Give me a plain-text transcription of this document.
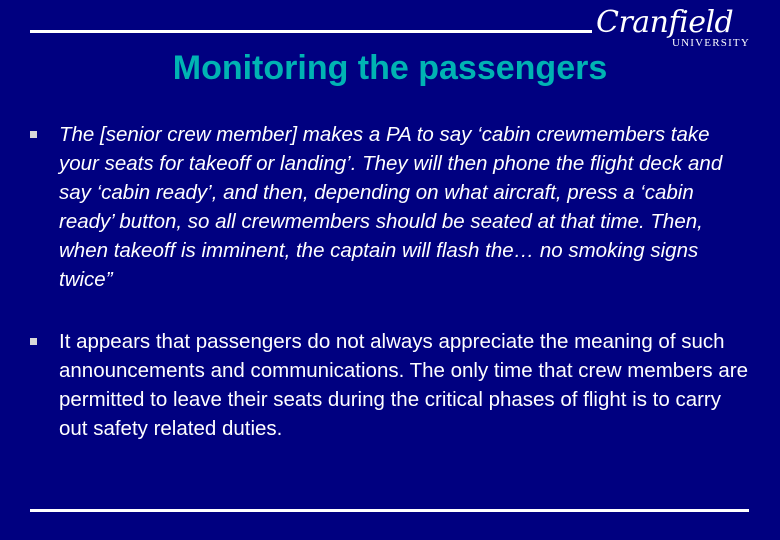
Cranfield
UNIVERSITY
Monitoring the passengers
The [senior crew member] makes a PA to say ‘cabin crewmembers take your seats for takeoff or landing’. They will then phone the flight deck and say ‘cabin ready’, and then, depending on what aircraft, press a ‘cabin ready’ button, so all crewmembers should be seated at that time. Then, when takeoff is imminent, the captain will flash the… no smoking signs twice”
It appears that passengers do not always appreciate the meaning of such announcements and communications. The only time that crew members are permitted to leave their seats during the critical phases of flight is to carry out safety related duties.
